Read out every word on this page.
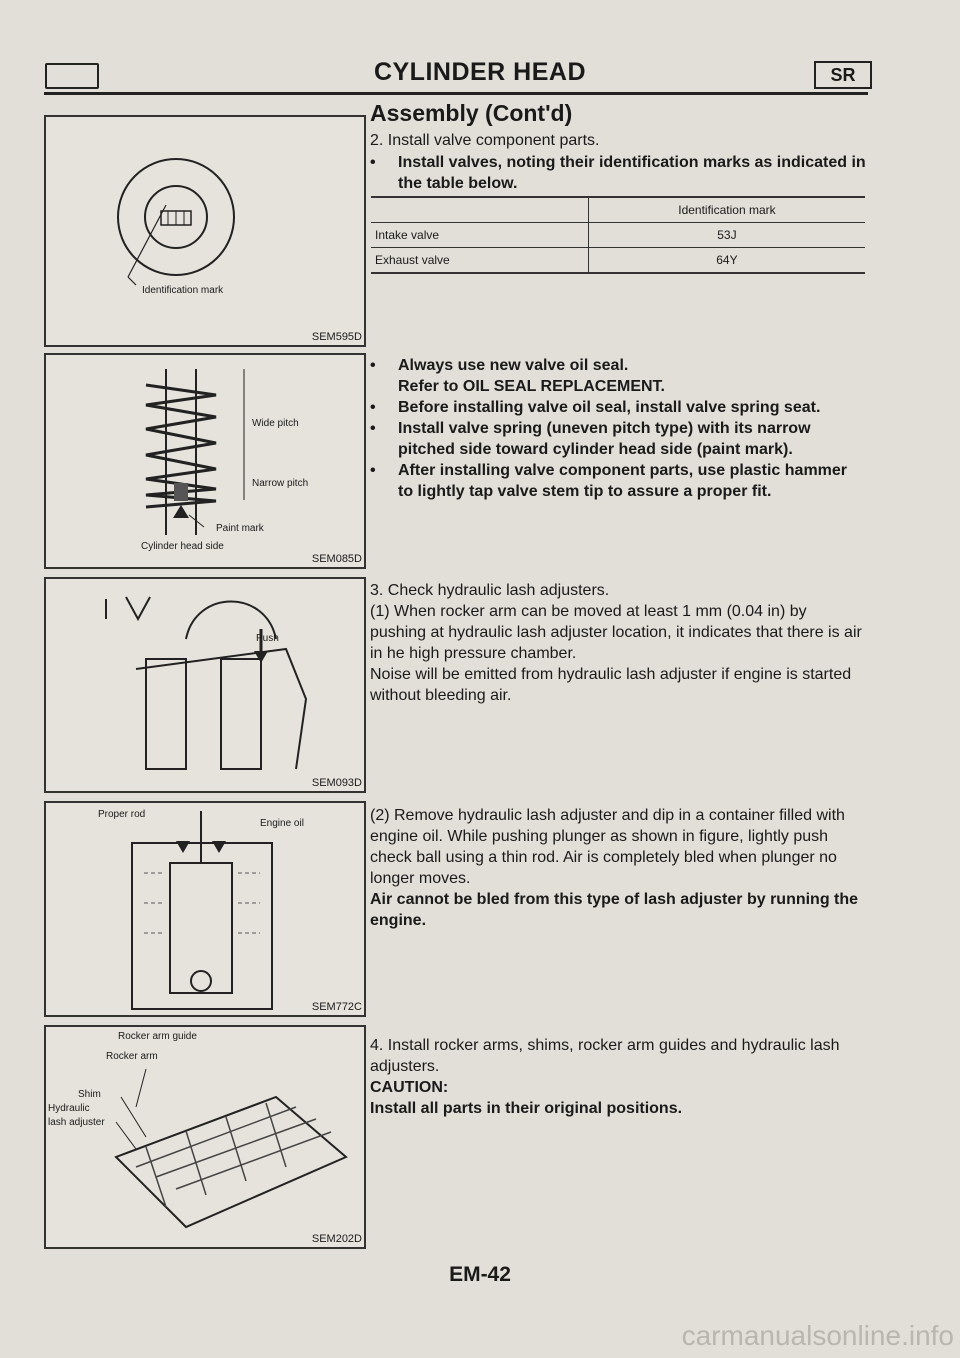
CYLINDER HEAD	SR
Assembly (Cont'd)
Identification mark
SEM595D
Wide pitch
Narrow pitch
Paint mark
Cylinder head side
SEM085D
Push
SEM093D
Proper rod
Engine oil
SEM772C
Rocker arm guide
Rocker arm
Shim
Hydraulic
lash adjuster
SEM202D
2. Install valve component parts.
• Install valves, noting their identification marks as indicated in the table below.
	Identification mark
Intake valve	53J
Exhaust valve	64Y
• Always use new valve oil seal.
Refer to OIL SEAL REPLACEMENT.
• Before installing valve oil seal, install valve spring seat.
• Install valve spring (uneven pitch type) with its narrow pitched side toward cylinder head side (paint mark).
• After installing valve component parts, use plastic hammer to lightly tap valve stem tip to assure a proper fit.
3. Check hydraulic lash adjusters.
(1) When rocker arm can be moved at least 1 mm (0.04 in) by pushing at hydraulic lash adjuster location, it indicates that there is air in he high pressure chamber.
Noise will be emitted from hydraulic lash adjuster if engine is started without bleeding air.
(2) Remove hydraulic lash adjuster and dip in a container filled with engine oil. While pushing plunger as shown in figure, lightly push check ball using a thin rod. Air is completely bled when plunger no longer moves.
Air cannot be bled from this type of lash adjuster by running the engine.
4. Install rocker arms, shims, rocker arm guides and hydraulic lash adjusters.
CAUTION:
Install all parts in their original positions.
EM-42
carmanualsonline.info
